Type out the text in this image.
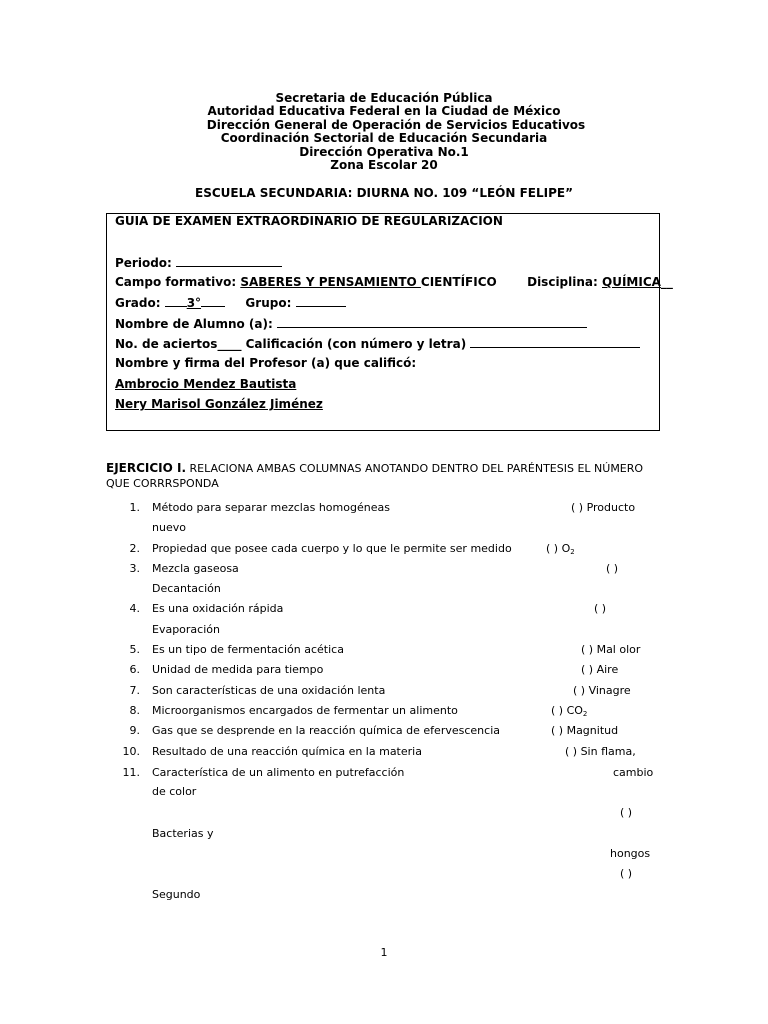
Secretaria de Educación Pública
Autoridad Educativa Federal en la Ciudad de México
Dirección General de Operación de Servicios Educativos
Coordinación Sectorial de Educación Secundaria
Dirección Operativa No.1
Zona Escolar 20
ESCUELA SECUNDARIA: DIURNA NO. 109 “LEÓN FELIPE”
GUIA DE EXAMEN EXTRAORDINARIO DE REGULARIZACION
Periodo:
Campo formativo: SABERES Y PENSAMIENTO CIENTÍFICO	Disciplina: QUÍMICA__
Grado: 3°	Grupo:
Nombre de Alumno (a):
No. de aciertos____ Calificación (con número y letra)
Nombre y firma del Profesor (a) que calificó:
Ambrocio Mendez Bautista
Nery Marisol González Jiménez
EJERCICIO I. RELACIONA AMBAS COLUMNAS ANOTANDO DENTRO DEL PARÉNTESIS EL NÚMERO QUE CORRRSPONDA
1. Método para separar mezclas homogéneas
2. Propiedad que posee cada cuerpo y lo que le permite ser medido
3. Mezcla gaseosa
4. Es una oxidación rápida
5. Es un tipo de fermentación acética
6. Unidad de medida para tiempo
7. Son características de una oxidación lenta
8. Microorganismos encargados de fermentar un alimento
9. Gas que se desprende en la reacción química de efervescencia
10. Resultado de una reacción química en la materia
11. Característica de un alimento en putrefacción
( ) Producto
nuevo
( ) $O_2$
( )
Decantación
( )
Evaporación
( ) Mal olor
( ) Aire
( ) Vinagre
( ) $CO_2$
( ) Magnitud
( ) Sin flama,
cambio
de color
( )
Bacterias y
hongos
( )
Segundo
1
